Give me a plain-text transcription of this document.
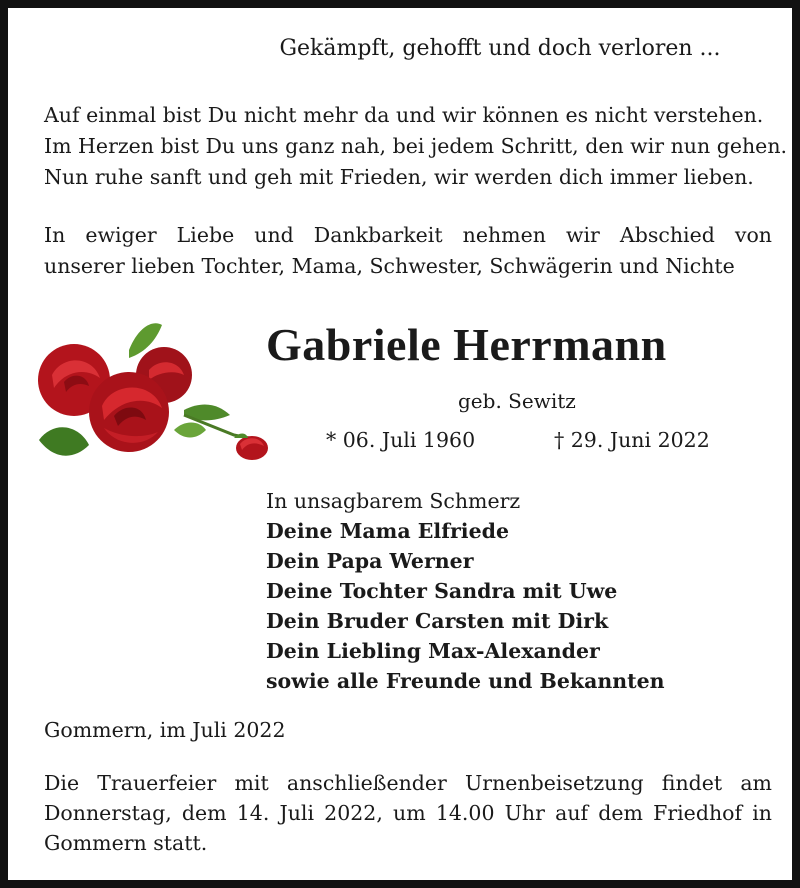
Gekämpft, gehofft und doch verloren ...
Auf einmal bist Du nicht mehr da und wir können es nicht verstehen.
Im Herzen bist Du uns ganz nah, bei jedem Schritt, den wir nun gehen.
Nun ruhe sanft und geh mit Frieden, wir werden dich immer lieben.
In ewiger Liebe und Dankbarkeit nehmen wir Abschied von
unserer lieben Tochter, Mama, Schwester, Schwägerin und Nichte
Gabriele Herrmann
geb. Sewitz
* 06. Juli 1960	† 29. Juni 2022
In unsagbarem Schmerz
Deine Mama Elfriede
Dein Papa Werner
Deine Tochter Sandra mit Uwe
Dein Bruder Carsten mit Dirk
Dein Liebling Max-Alexander
sowie alle Freunde und Bekannten
Gommern, im Juli 2022
Die Trauerfeier mit anschließender Urnenbeisetzung findet am
Donnerstag, dem 14. Juli 2022, um 14.00 Uhr auf dem Friedhof in
Gommern statt.
